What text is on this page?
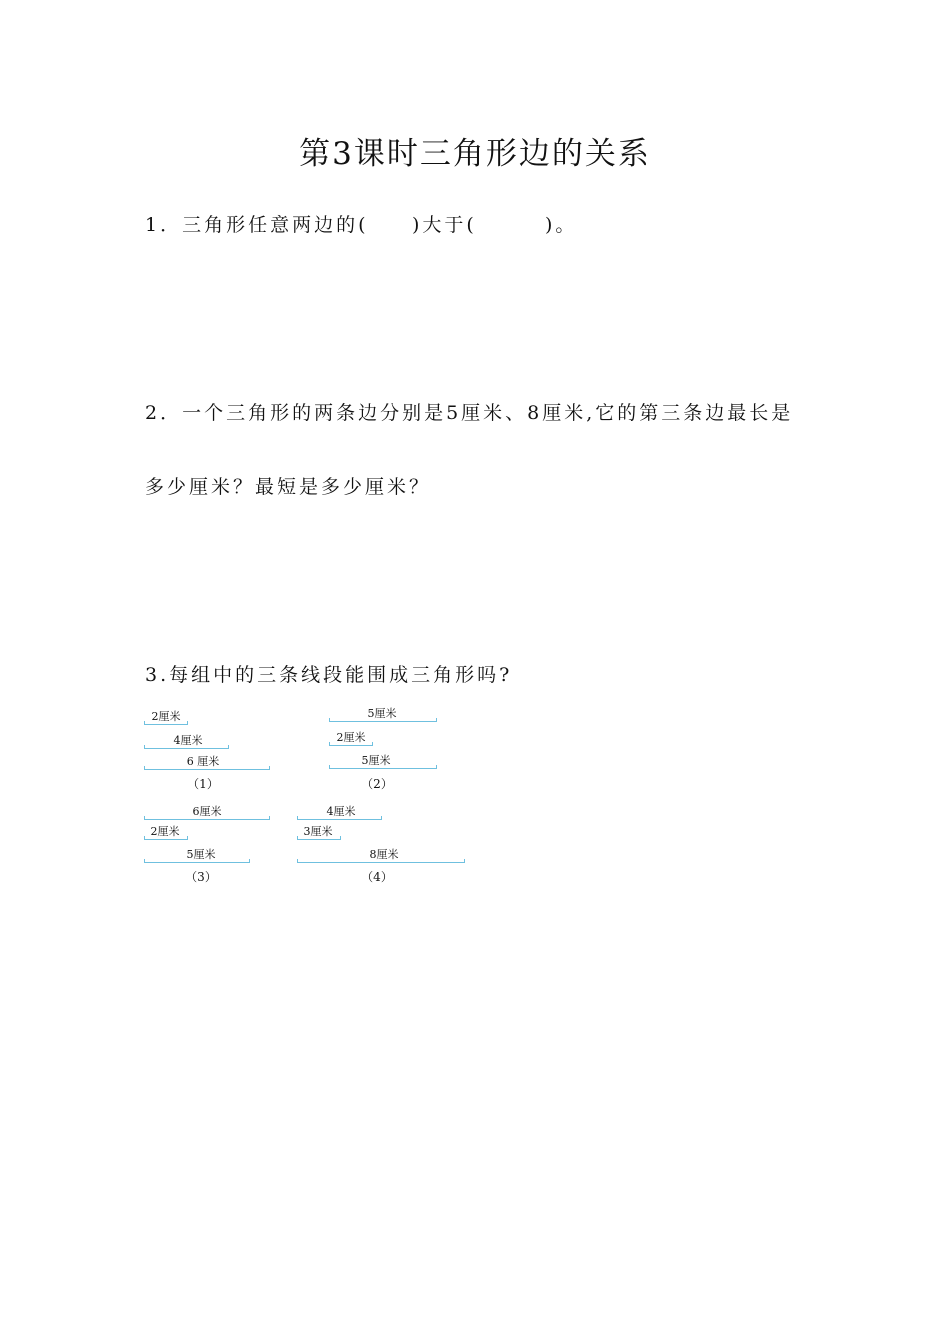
第3课时三角形边的关系
1．三角形任意两边的( )大于(	)。
2．一个三角形的两条边分别是5厘米、8厘米,它的第三条边最长是
多少厘米？最短是多少厘米？
3.每组中的三条线段能围成三角形吗?
2厘米
4厘米
6 厘米
（1）
5厘米
2厘米
5厘米
（2）
6厘米
2厘米
5厘米
（3）
4厘米
3厘米
8厘米
（4）
